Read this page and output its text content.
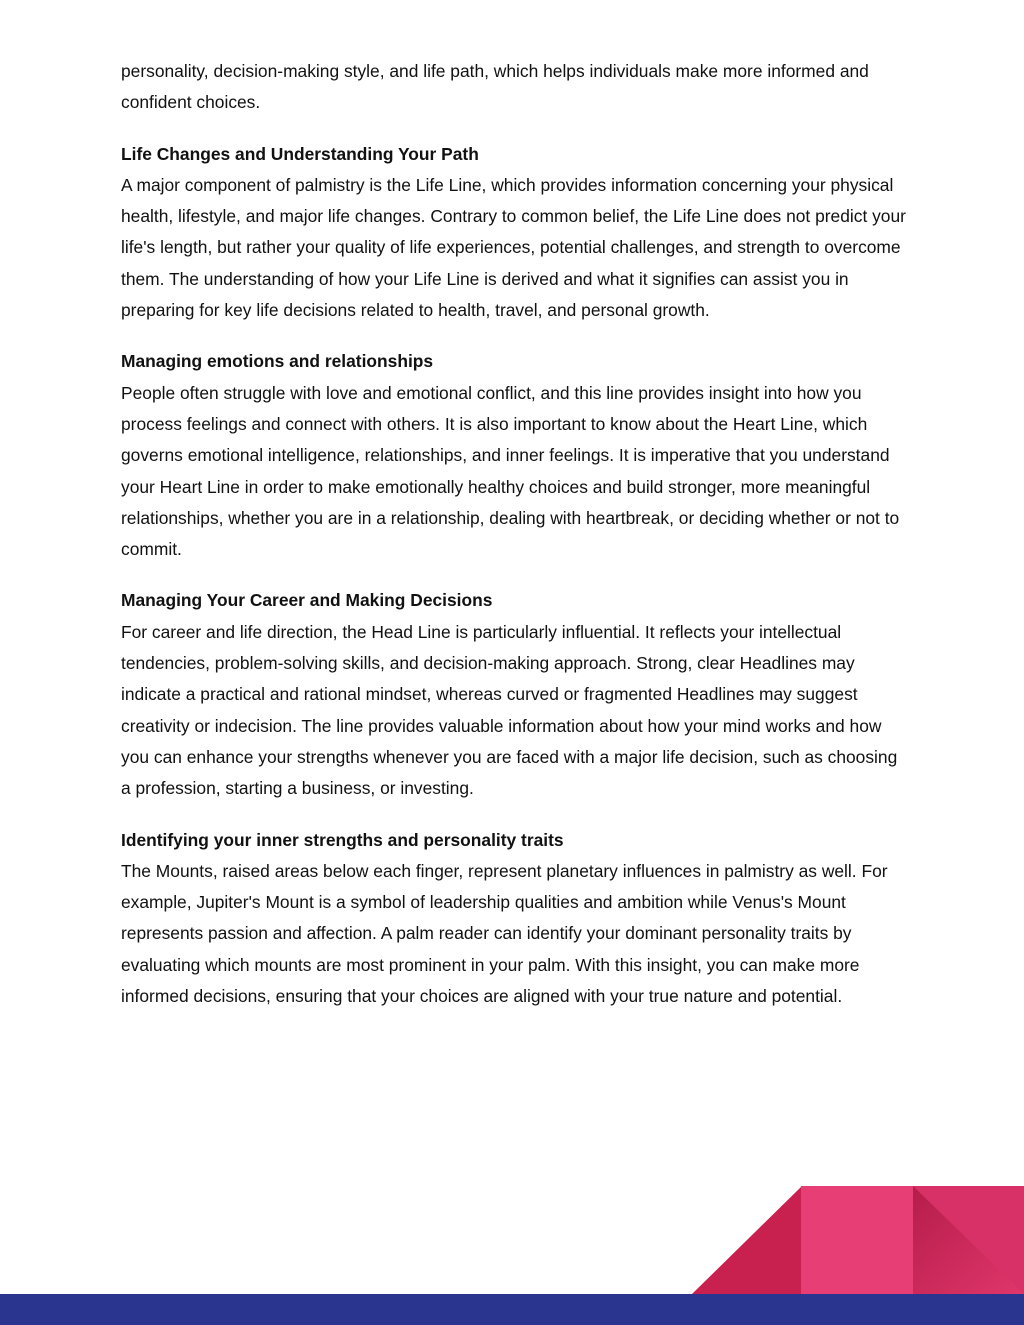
personality, decision-making style, and life path, which helps individuals make more informed and confident choices.

Life Changes and Understanding Your Path
A major component of palmistry is the Life Line, which provides information concerning your physical health, lifestyle, and major life changes. Contrary to common belief, the Life Line does not predict your life's length, but rather your quality of life experiences, potential challenges, and strength to overcome them. The understanding of how your Life Line is derived and what it signifies can assist you in preparing for key life decisions related to health, travel, and personal growth.
Managing emotions and relationships
People often struggle with love and emotional conflict, and this line provides insight into how you process feelings and connect with others. It is also important to know about the Heart Line, which governs emotional intelligence, relationships, and inner feelings. It is imperative that you understand your Heart Line in order to make emotionally healthy choices and build stronger, more meaningful relationships, whether you are in a relationship, dealing with heartbreak, or deciding whether or not to commit.
Managing Your Career and Making Decisions
For career and life direction, the Head Line is particularly influential. It reflects your intellectual tendencies, problem-solving skills, and decision-making approach. Strong, clear Headlines may indicate a practical and rational mindset, whereas curved or fragmented Headlines may suggest creativity or indecision. The line provides valuable information about how your mind works and how you can enhance your strengths whenever you are faced with a major life decision, such as choosing a profession, starting a business, or investing.
Identifying your inner strengths and personality traits
The Mounts, raised areas below each finger, represent planetary influences in palmistry as well. For example, Jupiter's Mount is a symbol of leadership qualities and ambition while Venus's Mount represents passion and affection. A palm reader can identify your dominant personality traits by evaluating which mounts are most prominent in your palm. With this insight, you can make more informed decisions, ensuring that your choices are aligned with your true nature and potential.
